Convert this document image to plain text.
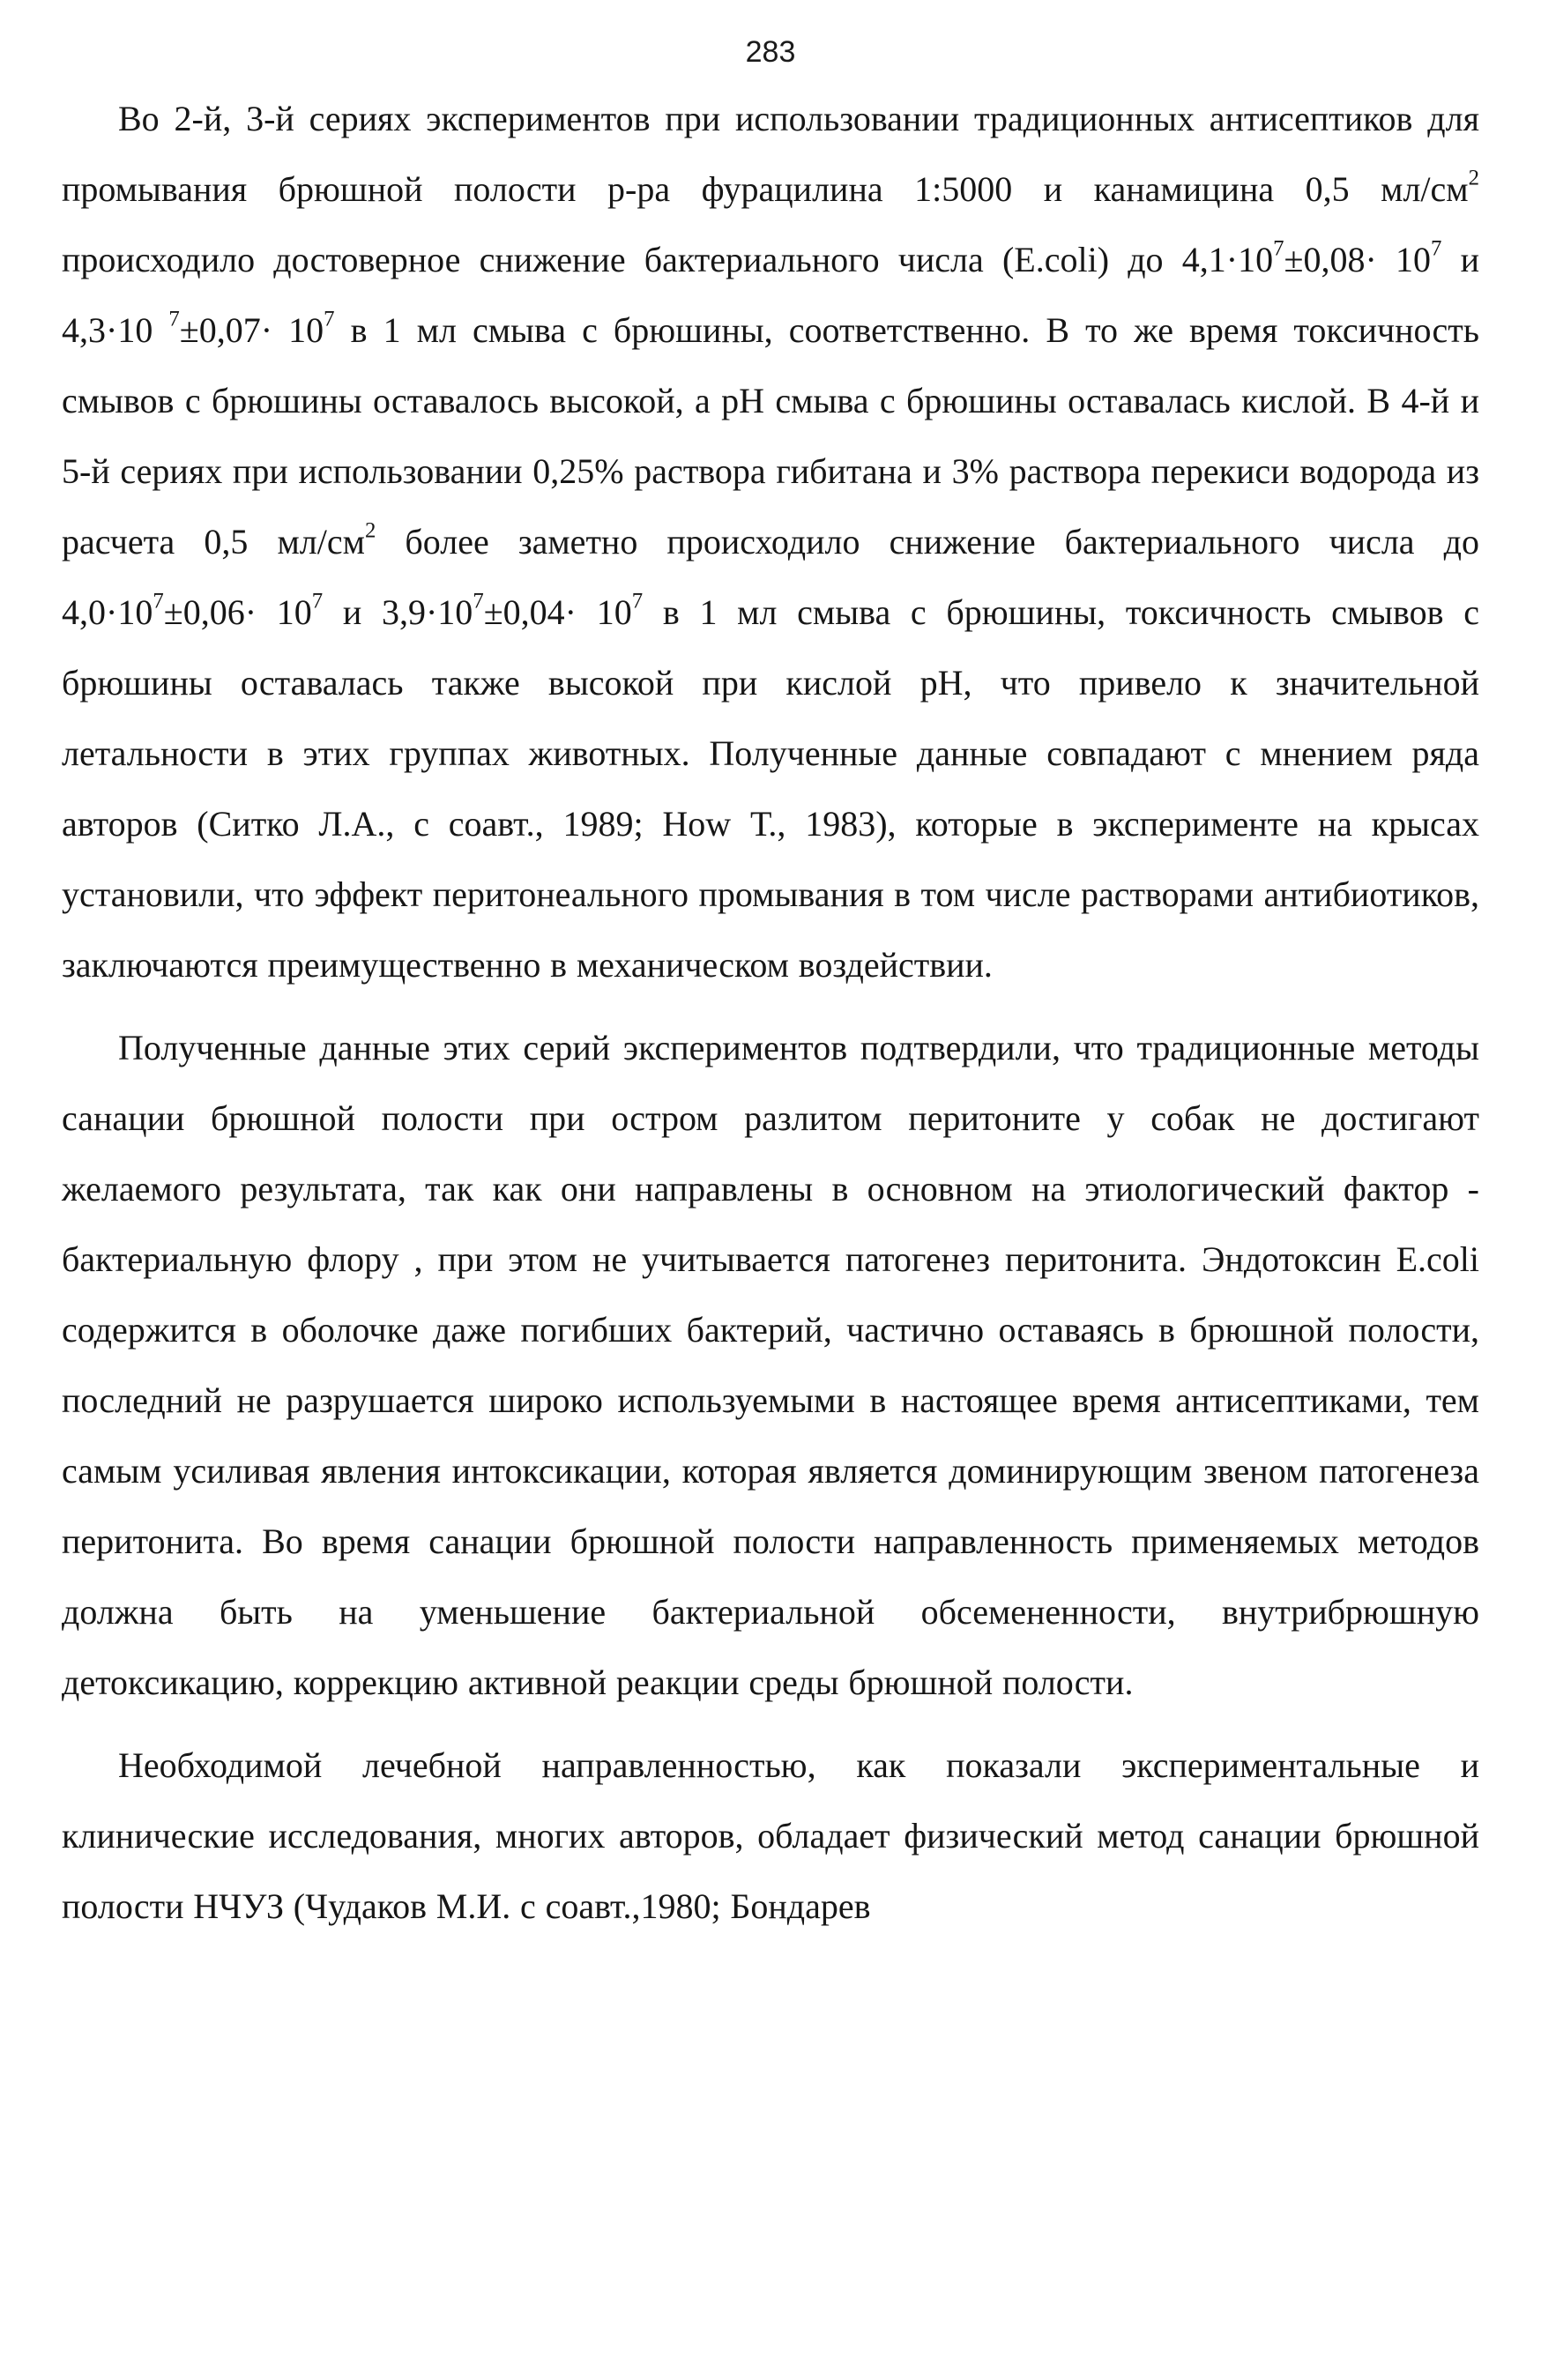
283

Во 2-й, 3-й сериях экспериментов при использовании традиционных антисептиков для промывания брюшной полости р-ра фурацилина 1:5000 и канамицина 0,5 $мл/см^2$ происходило достоверное снижение бактериального числа (E.coli) до $4,1\cdot 10^7\pm 0,08\cdot 10^7$ и 4,3·10 $^7\pm 0,07\cdot 10^7$ в 1 мл смыва с брюшины, соответственно. В то же время токсичность смывов с брюшины оставалось высокой, а pH смыва с брюшины оставалась кислой. В 4-й и 5-й сериях при использовании 0,25% раствора гибитана и 3% раствора перекиси водорода из расчета 0,5 $мл/см^2$ более заметно происходило снижение бактериального числа до $4,0\cdot 10^7\pm 0,06\cdot 10^7$ и $3,9\cdot 10^7\pm 0,04\cdot 10^7$ в 1 мл смыва с брюшины, токсичность смывов с брюшины оставалась также высокой при кислой pH, что привело к значительной летальности в этих группах животных. Полученные данные совпадают с мнением ряда авторов (Ситко Л.А., с соавт., 1989; How Т., 1983), которые в эксперименте на крысах установили, что эффект перитонеального промывания в том числе растворами антибиотиков, заключаются преимущественно в механическом воздействии.

Полученные данные этих серий экспериментов подтвердили, что традиционные методы санации брюшной полости при остром разлитом перитоните у собак не достигают желаемого результата, так как они направлены в основном на этиологический фактор - бактериальную флору , при этом не учитывается патогенез перитонита. Эндотоксин E.coli содержится в оболочке даже погибших бактерий, частично оставаясь в брюшной полости, последний не разрушается широко используемыми в настоящее время антисептиками, тем самым усиливая явления интоксикации, которая является доминирующим звеном патогенеза перитонита. Во время санации брюшной полости направленность применяемых методов должна быть на уменьшение бактериальной обсемененности, внутрибрюшную детоксикацию, коррекцию активной реакции среды брюшной полости.

Необходимой лечебной направленностью, как показали экспериментальные и клинические исследования, многих авторов, обладает физический метод санации брюшной полости НЧУЗ (Чудаков М.И. с соавт.,1980; Бондарев
